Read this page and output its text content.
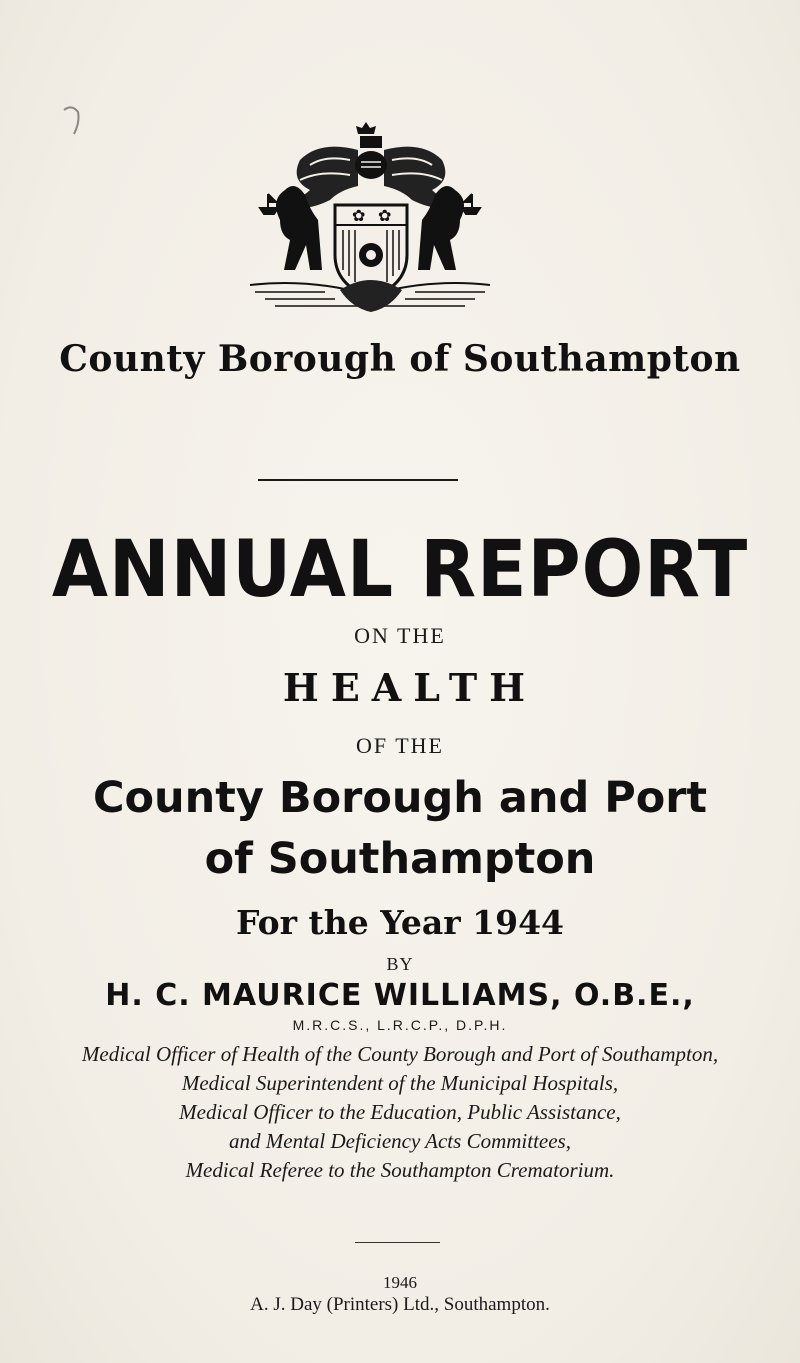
✿ ✿
County Borough of Southampton
ANNUAL REPORT
ON THE
HEALTH
OF THE
County Borough and Port
of Southampton
For the Year 1944
BY
H. C. MAURICE WILLIAMS, O.B.E.,
M.R.C.S., L.R.C.P., D.P.H.
Medical Officer of Health of the County Borough and Port of Southampton,
Medical Superintendent of the Municipal Hospitals,
Medical Officer to the Education, Public Assistance,
and Mental Deficiency Acts Committees,
Medical Referee to the Southampton Crematorium.
1946
A. J. Day (Printers) Ltd., Southampton.
